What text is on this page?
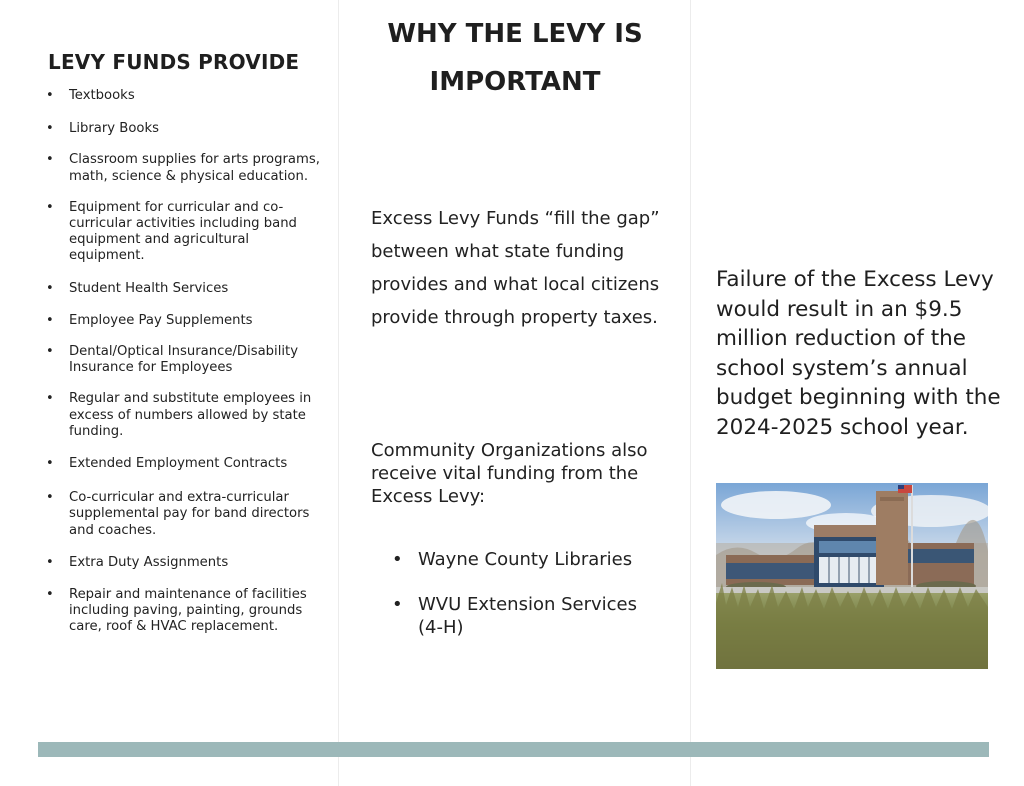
LEVY FUNDS PROVIDE
• Textbooks
• Library Books
• Classroom supplies for arts programs, math, science & physical education.
• Equipment for curricular and co-curricular activities including band equipment and agricultural equipment.
• Student Health Services
• Employee Pay Supplements
• Dental/Optical Insurance/Disability Insurance for Employees
• Regular and substitute employees in excess of numbers allowed by state funding.
• Extended Employment Contracts
• Co-curricular and extra-curricular supplemental pay for band directors and coaches.
• Extra Duty Assignments
• Repair and maintenance of facilities including paving, painting, grounds care, roof & HVAC replacement.
WHY THE LEVY IS
IMPORTANT

Excess Levy Funds “fill the gap” between what state funding provides and what local citizens provide through property taxes.

Community Organizations also receive vital funding from the Excess Levy:

• Wayne County Libraries
• WVU Extension Services (4-H)

Failure of the Excess Levy would result in an $9.5 million reduction of the school system’s annual budget beginning with the 2024-2025 school year.
